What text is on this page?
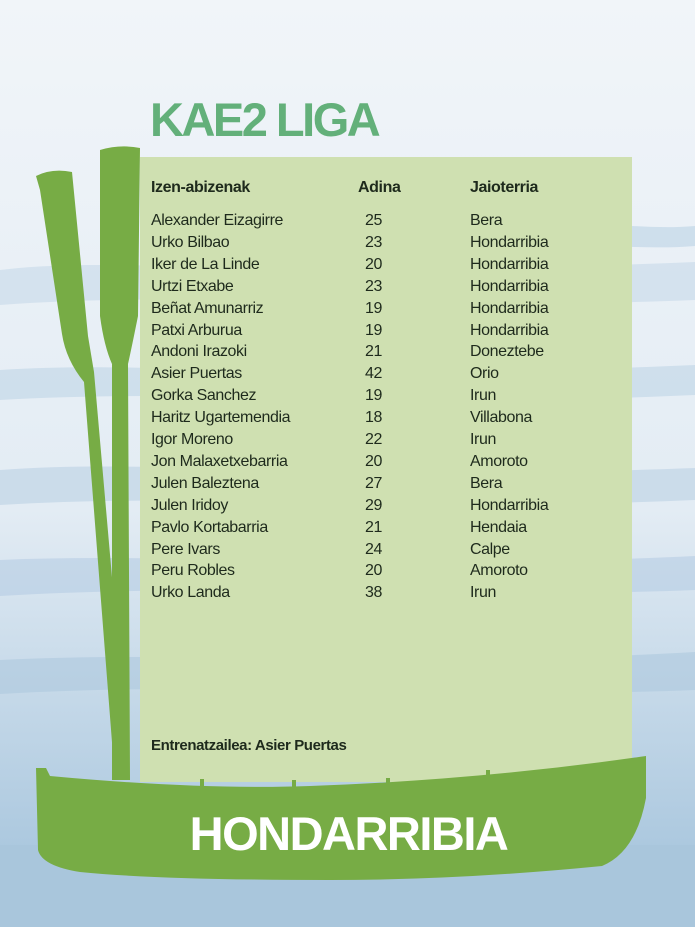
KAE2 LIGA
Izen-abizenak	Adina	Jaioterria
Alexander Eizagirre	25	Bera
Urko Bilbao	23	Hondarribia
Iker de La Linde	20	Hondarribia
Urtzi Etxabe	23	Hondarribia
Beñat Amunarriz	19	Hondarribia
Patxi Arburua	19	Hondarribia
Andoni Irazoki	21	Doneztebe
Asier Puertas	42	Orio
Gorka Sanchez	19	Irun
Haritz Ugartemendia	18	Villabona
Igor Moreno	22	Irun
Jon Malaxetxebarria	20	Amoroto
Julen Baleztena	27	Bera
Julen Iridoy	29	Hondarribia
Pavlo Kortabarria	21	Hendaia
Pere Ivars	24	Calpe
Peru Robles	20	Amoroto
Urko Landa	38	Irun
Entrenatzailea: Asier Puertas
HONDARRIBIA
